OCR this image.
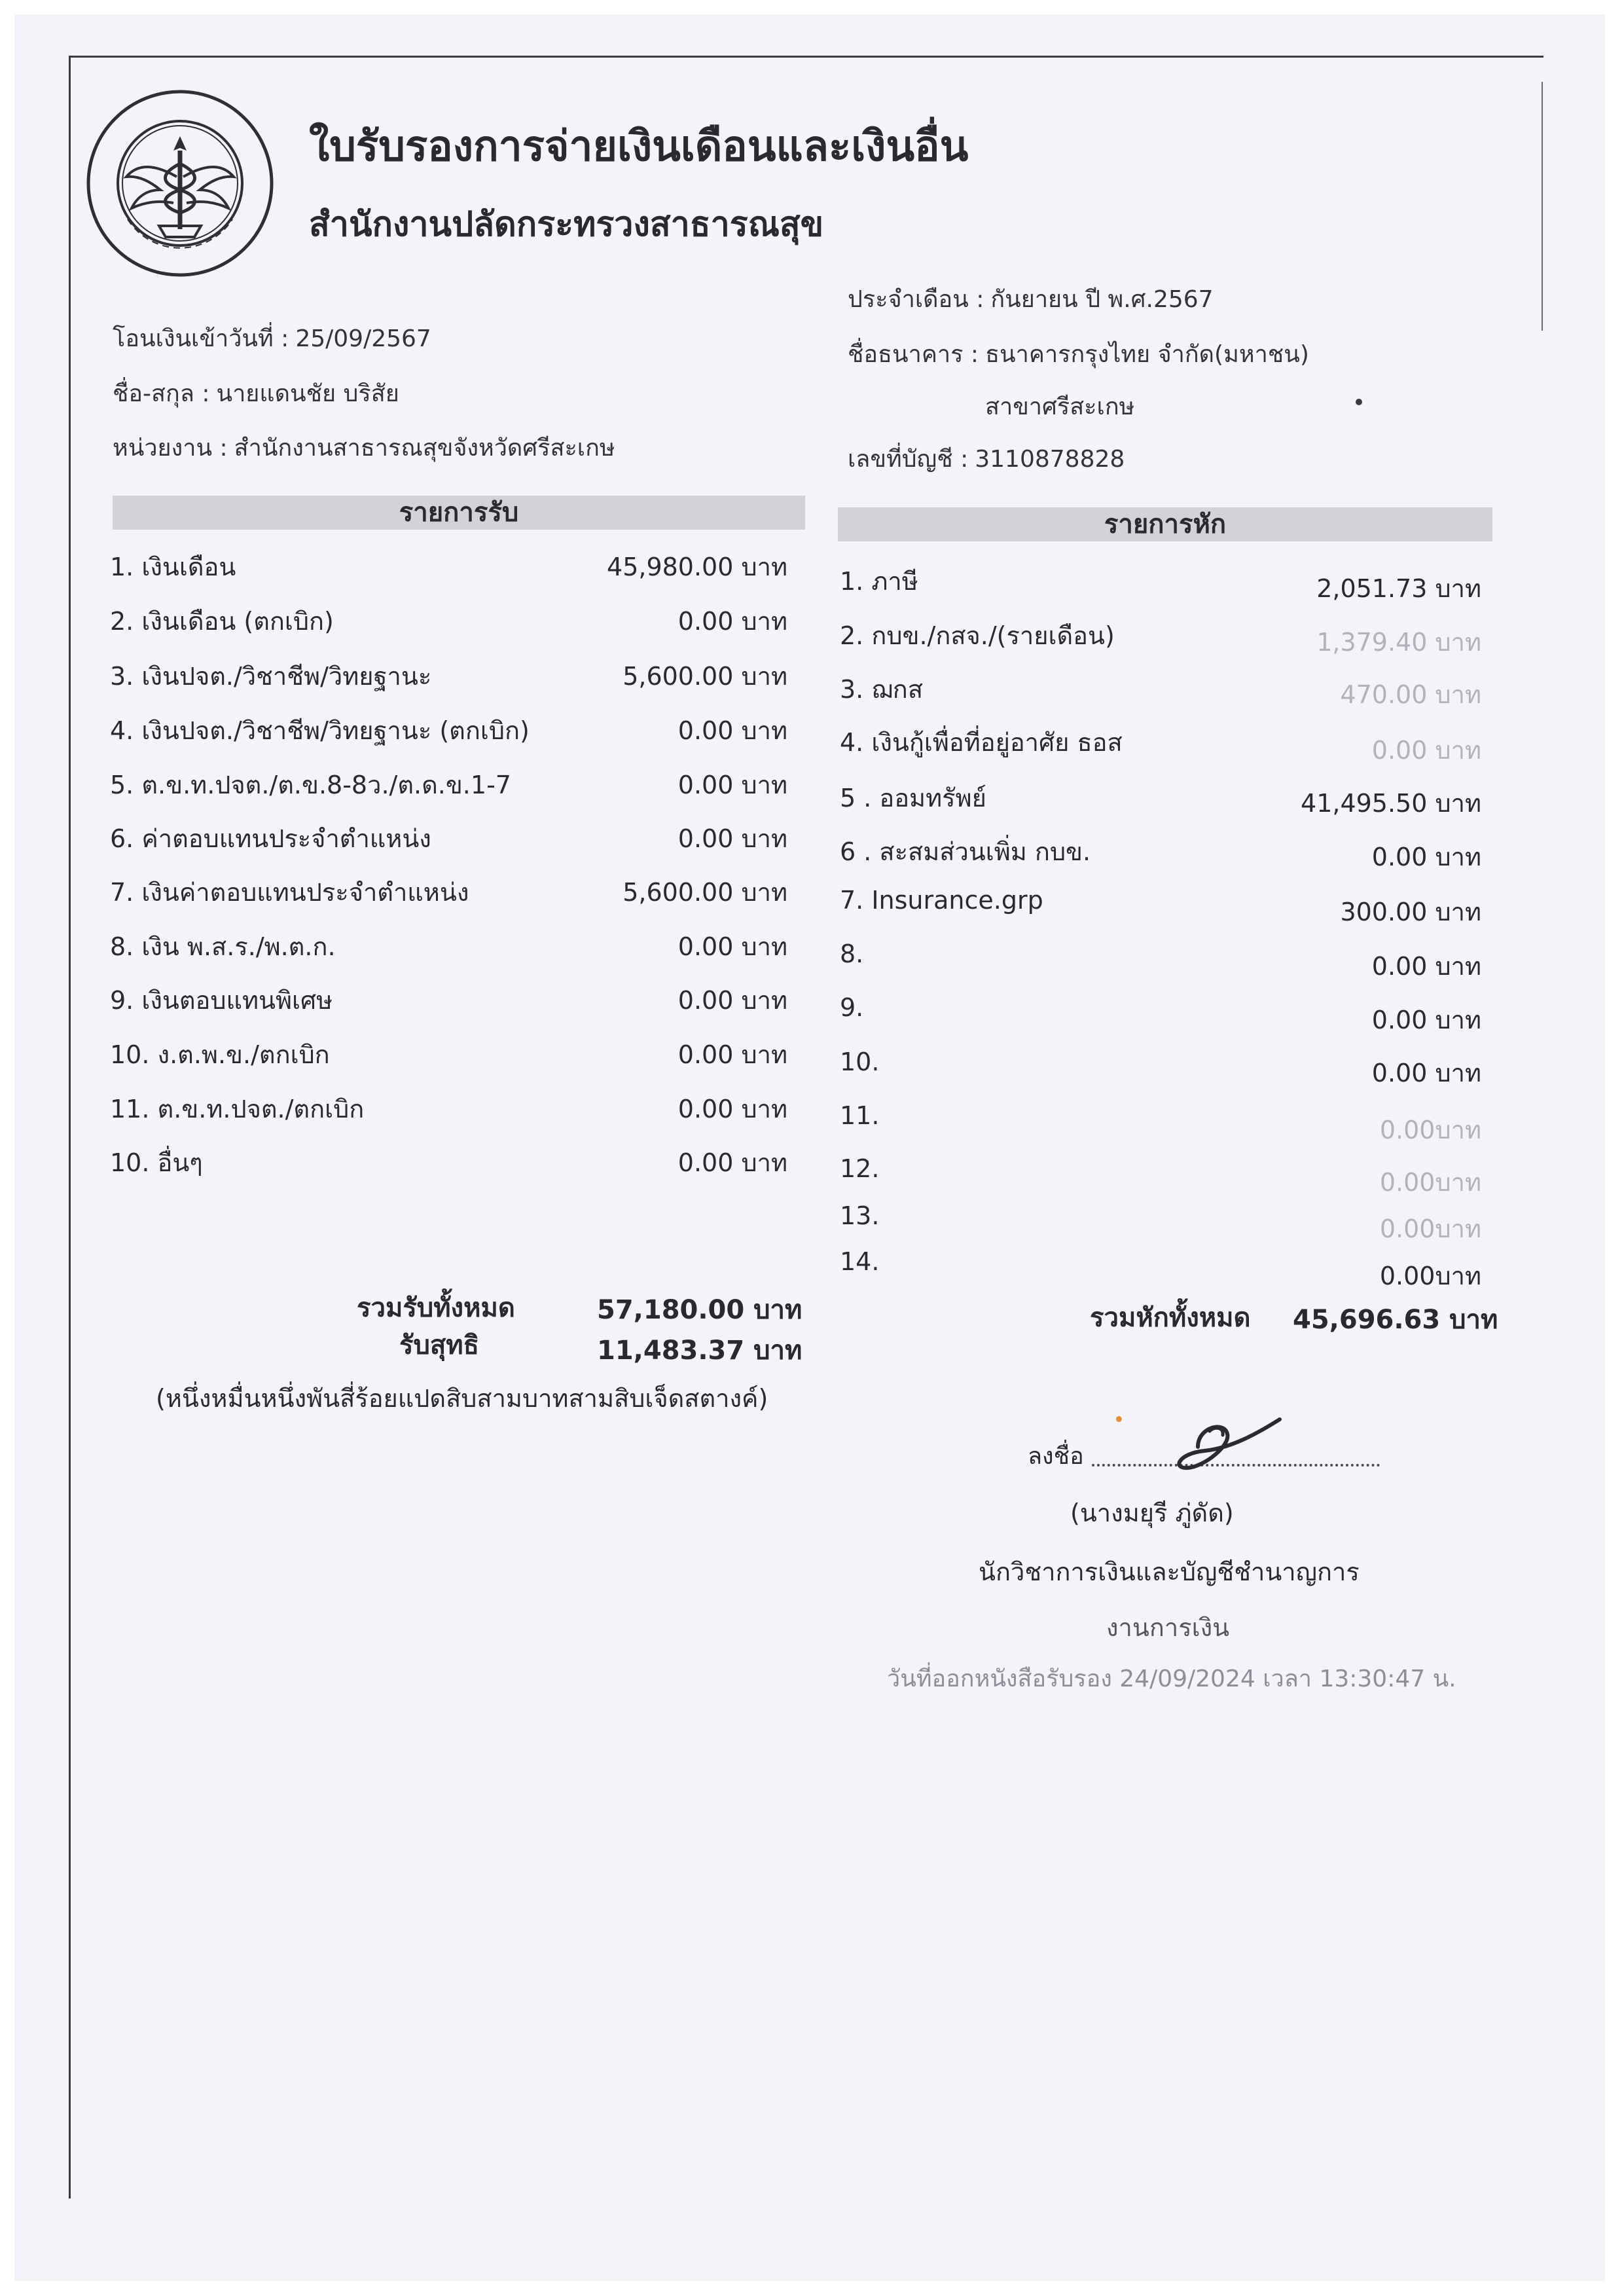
ใบรับรองการจ่ายเงินเดือนและเงินอื่น
สำนักงานปลัดกระทรวงสาธารณสุข
โอนเงินเข้าวันที่ : 25/09/2567
ชื่อ-สกุล : นายแดนชัย บริสัย
หน่วยงาน : สำนักงานสาธารณสุขจังหวัดศรีสะเกษ
ประจำเดือน : กันยายน ปี พ.ศ.2567
ชื่อธนาคาร : ธนาคารกรุงไทย จำกัด(มหาชน)
สาขาศรีสะเกษ
เลขที่บัญชี : 3110878828
รายการรับ	รายการหัก
1. เงินเดือน	45,980.00 บาท
2. เงินเดือน (ตกเบิก)	0.00 บาท
3. เงินปจต./วิชาชีพ/วิทยฐานะ	5,600.00 บาท
4. เงินปจต./วิชาชีพ/วิทยฐานะ (ตกเบิก)	0.00 บาท
5. ต.ข.ท.ปจต./ต.ข.8-8ว./ต.ด.ข.1-7	0.00 บาท
6. ค่าตอบแทนประจำตำแหน่ง	0.00 บาท
7. เงินค่าตอบแทนประจำตำแหน่ง	5,600.00 บาท
8. เงิน พ.ส.ร./พ.ต.ก.	0.00 บาท
9. เงินตอบแทนพิเศษ	0.00 บาท
10. ง.ต.พ.ข./ตกเบิก	0.00 บาท
11. ต.ข.ท.ปจต./ตกเบิก	0.00 บาท
10. อื่นๆ	0.00 บาท
1. ภาษี	2,051.73 บาท
2. กบข./กสจ./(รายเดือน)	1,379.40 บาท
3. ฌกส	470.00 บาท
4. เงินกู้เพื่อที่อยู่อาศัย ธอส	0.00 บาท
5 . ออมทรัพย์	41,495.50 บาท
6 . สะสมส่วนเพิ่ม กบข.	0.00 บาท
7. Insurance.grp	300.00 บาท
8.	0.00 บาท
9.	0.00 บาท
10.	0.00 บาท
11.	0.00บาท
12.	0.00บาท
13.	0.00บาท
14.	0.00บาท
รวมรับทั้งหมด	57,180.00 บาท
รับสุทธิ	11,483.37 บาท
(หนึ่งหมื่นหนึ่งพันสี่ร้อยแปดสิบสามบาทสามสิบเจ็ดสตางค์)
รวมหักทั้งหมด 45,696.63 บาท
ลงชื่อ
(นางมยุรี ภู่ดัด)
นักวิชาการเงินและบัญชีชำนาญการ
งานการเงิน
วันที่ออกหนังสือรับรอง 24/09/2024 เวลา 13:30:47 น.
